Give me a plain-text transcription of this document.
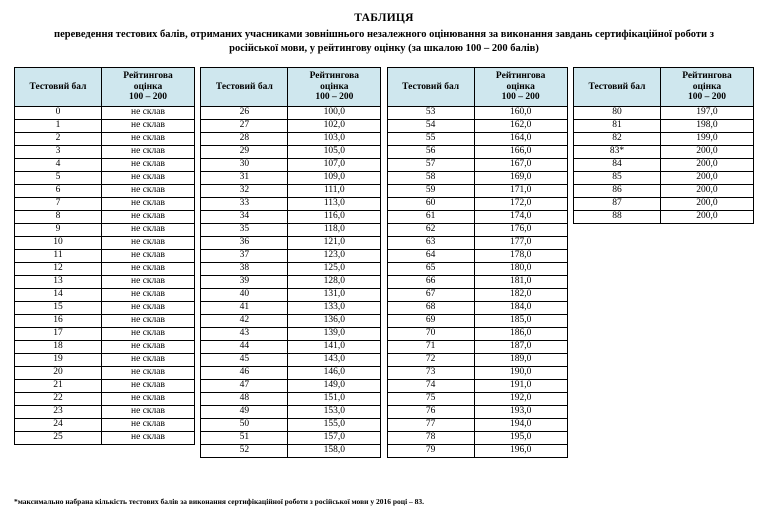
ТАБЛИЦЯ
переведення тестових балів, отриманих учасниками зовнішнього незалежного оцінювання за виконання завдань сертифікаційної роботи з російської мови, у рейтингову оцінку (за шкалою 100 – 200 балів)
Тестовий бал	Рейтингова
оцінка
100 – 200

0	не склав
1	не склав
2	не склав
3	не склав
4	не склав
5	не склав
6	не склав
7	не склав
8	не склав
9	не склав
10	не склав
11	не склав
12	не склав
13	не склав
14	не склав
15	не склав
16	не склав
17	не склав
18	не склав
19	не склав
20	не склав
21	не склав
22	не склав
23	не склав
24	не склав
25	не склав
Тестовий бал	Рейтингова
оцінка
100 – 200

26	100,0
27	102,0
28	103,0
29	105,0
30	107,0
31	109,0
32	111,0
33	113,0
34	116,0
35	118,0
36	121,0
37	123,0
38	125,0
39	128,0
40	131,0
41	133,0
42	136,0
43	139,0
44	141,0
45	143,0
46	146,0
47	149,0
48	151,0
49	153,0
50	155,0
51	157,0
52	158,0
Тестовий бал	Рейтингова
оцінка
100 – 200

53	160,0
54	162,0
55	164,0
56	166,0
57	167,0
58	169,0
59	171,0
60	172,0
61	174,0
62	176,0
63	177,0
64	178,0
65	180,0
66	181,0
67	182,0
68	184,0
69	185,0
70	186,0
71	187,0
72	189,0
73	190,0
74	191,0
75	192,0
76	193,0
77	194,0
78	195,0
79	196,0
Тестовий бал	Рейтингова
оцінка
100 – 200

80	197,0
81	198,0
82	199,0
83*	200,0
84	200,0
85	200,0
86	200,0
87	200,0
88	200,0
*максимально набрана кількість тестових балів за виконання сертифікаційної роботи з російської мови у 2016 році – 83.
